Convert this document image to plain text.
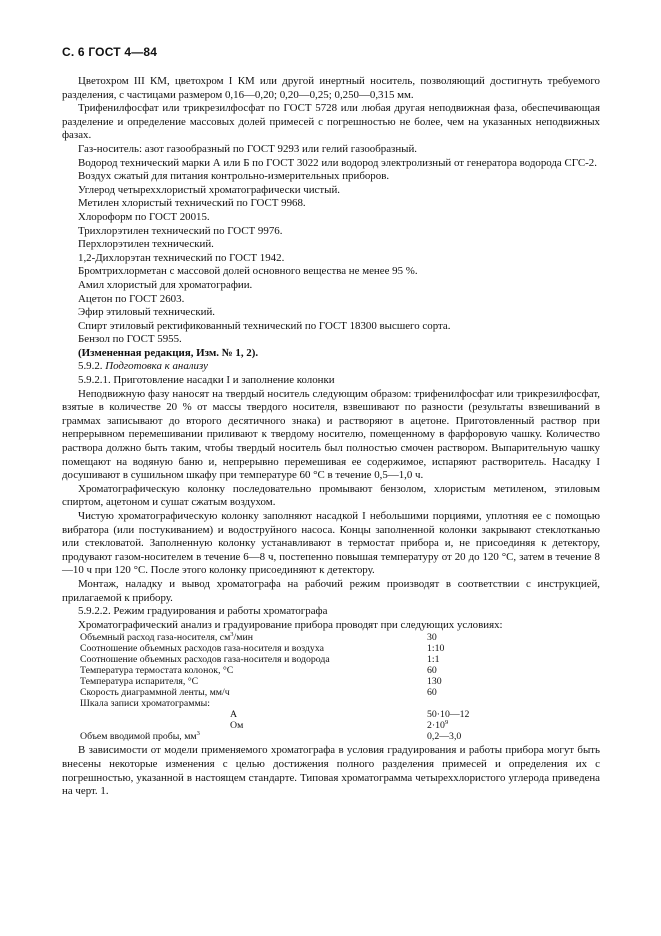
С. 6 ГОСТ 4—84

Цветохром III КМ, цветохром I КМ или другой инертный носитель, позволяющий достигнуть требуемого разделения, с частицами размером 0,16—0,20; 0,20—0,25; 0,250—0,315 мм.

Трифенилфосфат или трикрезилфосфат по ГОСТ 5728 или любая другая неподвижная фаза, обеспечивающая разделение и определение массовых долей примесей с погрешностью не более, чем на указанных неподвижных фазах.

Газ-носитель: азот газообразный по ГОСТ 9293 или гелий газообразный.

Водород технический марки А или Б по ГОСТ 3022 или водород электролизный от генератора водорода СГС-2.

Воздух сжатый для питания контрольно-измерительных приборов.

Углерод четыреххлористый хроматографически чистый.

Метилен хлористый технический по ГОСТ 9968.

Хлороформ по ГОСТ 20015.

Трихлорэтилен технический по ГОСТ 9976.

Перхлорэтилен технический.

1,2-Дихлорэтан технический по ГОСТ 1942.

Бромтрихлорметан с массовой долей основного вещества не менее 95 %.

Амил хлористый для хроматографии.

Ацетон по ГОСТ 2603.

Эфир этиловый технический.

Спирт этиловый ректификованный технический по ГОСТ 18300 высшего сорта.

Бензол по ГОСТ 5955.

(Измененная редакция, Изм. № 1, 2).

5.9.2. Подготовка к анализу

5.9.2.1. Приготовление насадки I и заполнение колонки

Неподвижную фазу наносят на твердый носитель следующим образом: трифенилфосфат или трикрезилфосфат, взятые в количестве 20 % от массы твердого носителя, взвешивают по разности (результаты взвешиваний в граммах записывают до второго десятичного знака) и растворяют в ацетоне. Приготовленный раствор при непрерывном перемешивании приливают к твердому носителю, помещенному в фарфоровую чашку. Количество раствора должно быть таким, чтобы твердый носитель был полностью смочен раствором. Выпарительную чашку помещают на водяную баню и, непрерывно перемешивая ее содержимое, испаряют растворитель. Насадку I досушивают в сушильном шкафу при температуре 60 °С в течение 0,5—1,0 ч.

Хроматографическую колонку последовательно промывают бензолом, хлористым метиленом, этиловым спиртом, ацетоном и сушат сжатым воздухом.

Чистую хроматографическую колонку заполняют насадкой I небольшими порциями, уплотняя ее с помощью вибратора (или постукиванием) и водоструйного насоса. Концы заполненной колонки закрывают стеклотканью или стекловатой. Заполненную колонку устанавливают в термостат прибора и, не присоединяя к детектору, продувают газом-носителем в течение 6—8 ч, постепенно повышая температуру от 20 до 120 °С, затем в течение 8—10 ч при 120 °С. После этого колонку присоединяют к детектору.

Монтаж, наладку и вывод хроматографа на рабочий режим производят в соответствии с инструкцией, прилагаемой к прибору.

5.9.2.2. Режим градуирования и работы хроматографа

Хроматографический анализ и градуирование прибора проводят при следующих условиях:

Объемный расход газа-носителя, $см^3$/мин	30
Соотношение объемных расходов газа-носителя и воздуха	1:10
Соотношение объемных расходов газа-носителя и водорода	1:1
Температура термостата колонок, °С	60
Температура испарителя, °С	130
Скорость диаграммной ленты, мм/ч	60
Шкала записи хроматограммы:
А	50·10—12
Ом	$2\cdot 10^9$
Объем вводимой пробы, $мм^3$	0,2—3,0

В зависимости от модели применяемого хроматографа в условия градуирования и работы прибора могут быть внесены некоторые изменения с целью достижения полного разделения примесей и определения их с погрешностью, указанной в настоящем стандарте. Типовая хроматограмма четыреххлористого углерода приведена на черт. 1.
